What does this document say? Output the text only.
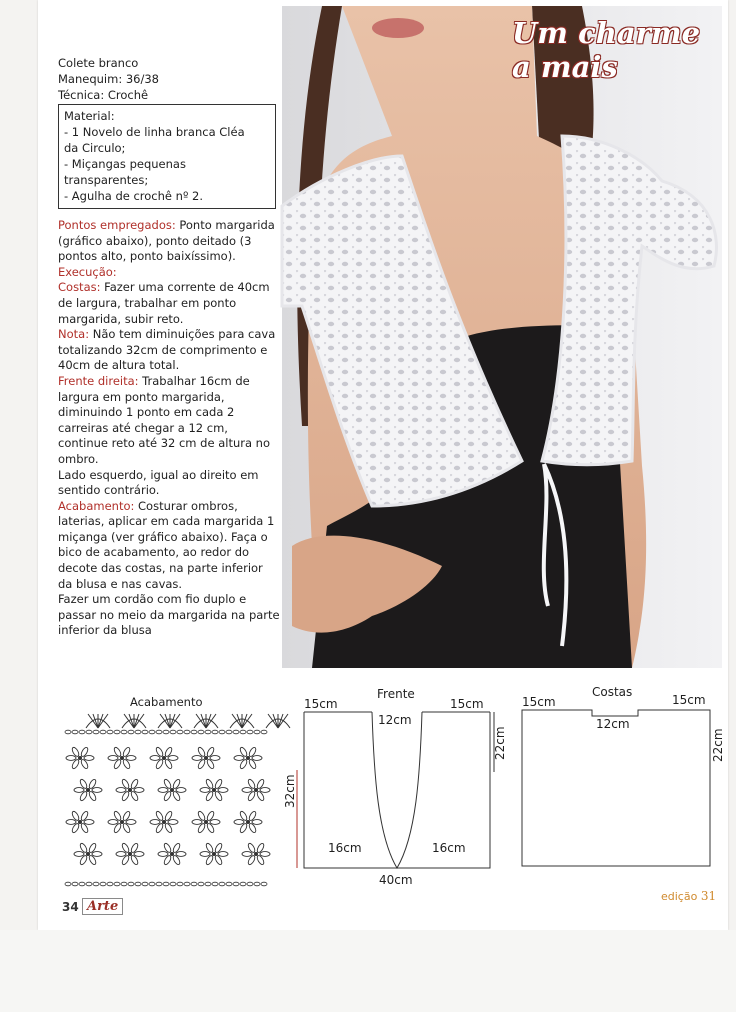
Colete branco
Manequim: 36/38
Técnica: Crochê
Material:
- 1 Novelo de linha branca Cléa
da Circulo;
- Miçangas pequenas
transparentes;
- Agulha de crochê nº 2.

Pontos empregados: Ponto margarida (gráfico abaixo), ponto deitado (3 pontos alto, ponto baixíssimo).

Execução:

Costas: Fazer uma corrente de 40cm de largura, trabalhar em ponto margarida, subir reto.

Nota: Não tem diminuições para cava totalizando 32cm de comprimento e 40cm de altura total.

Frente direita: Trabalhar 16cm de largura em ponto margarida, diminuindo 1 ponto em cada 2 carreiras até chegar a 12 cm, continue reto até 32 cm de altura no ombro.

Lado esquerdo, igual ao direito em sentido contrário.

Acabamento: Costurar ombros, laterias, aplicar em cada margarida 1 miçanga (ver gráfico abaixo). Faça o bico de acabamento, ao redor do decote das costas, na parte inferior da blusa e nas cavas.

Fazer um cordão com fio duplo e passar no meio da margarida na parte inferior da blusa

Um charme
a mais
Acabamento
Frente
15cm	15cm
12cm
22cm
32cm
16cm	16cm
40cm
Costas
15cm	15cm
12cm
22cm
34 Arte
edição 31
